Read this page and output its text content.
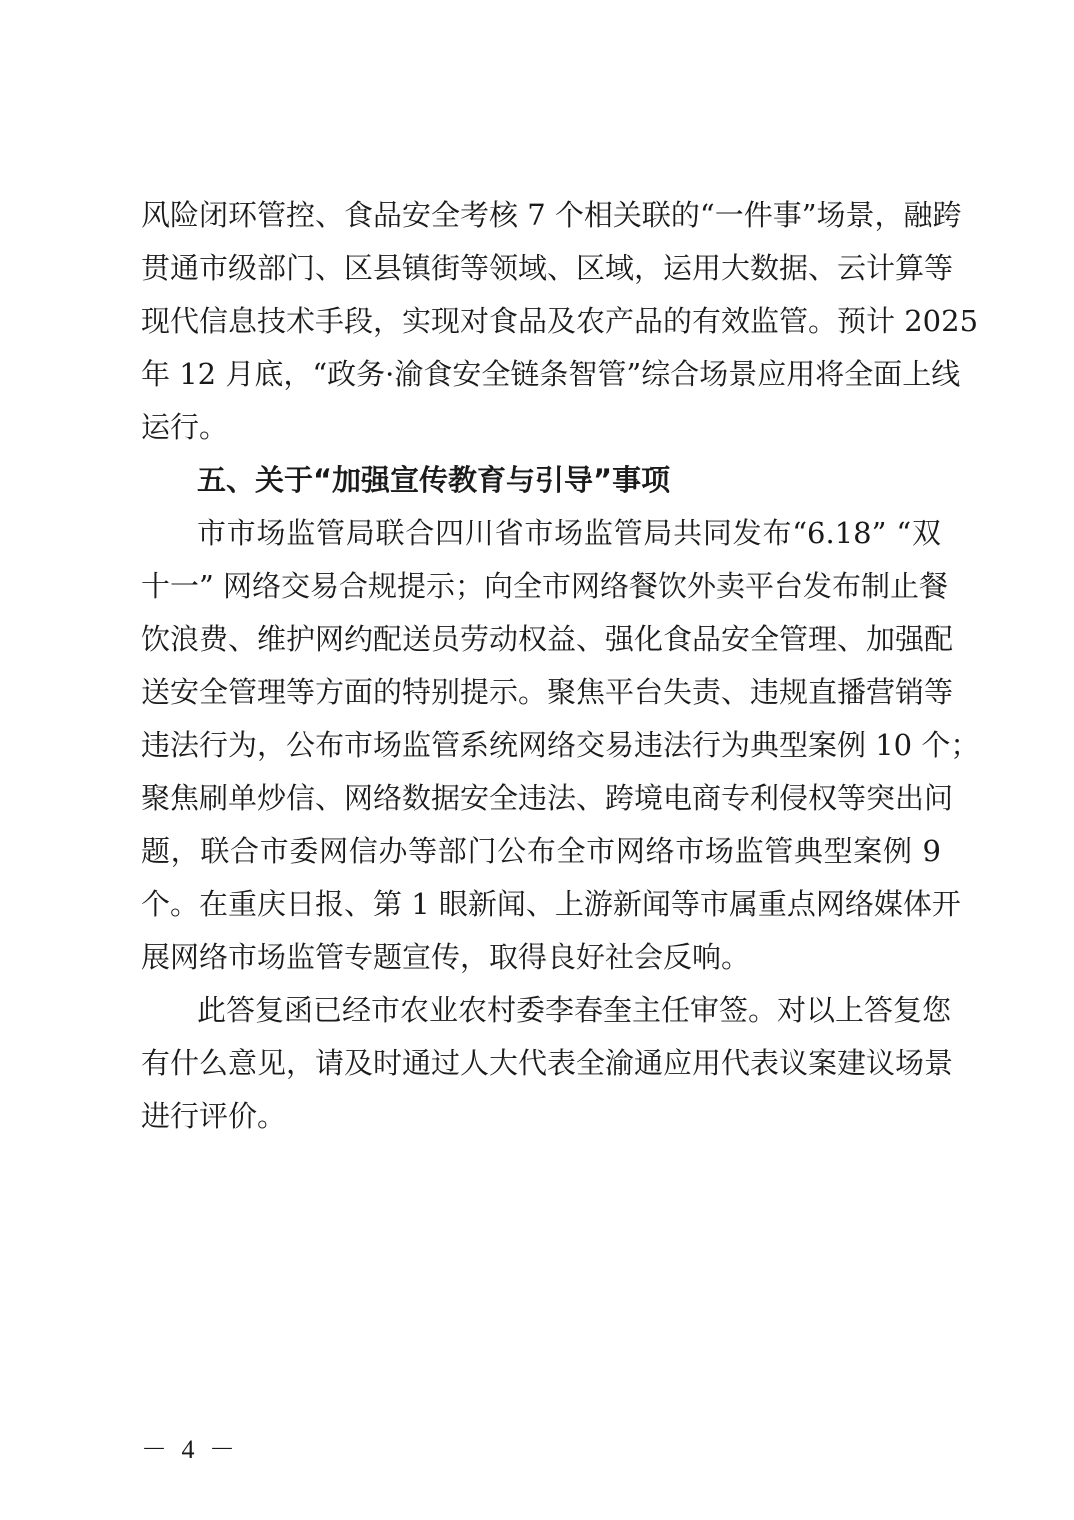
风险闭环管控、食品安全考核 7 个相关联的“一件事”场景，融跨
贯通市级部门、区县镇街等领域、区域，运用大数据、云计算等
现代信息技术手段，实现对食品及农产品的有效监管。预计 2025
年 12 月底，“政务·渝食安全链条智管”综合场景应用将全面上线
运行。
五、关于“加强宣传教育与引导”事项
市市场监管局联合四川省市场监管局共同发布“6.18” “双
十一” 网络交易合规提示；向全市网络餐饮外卖平台发布制止餐
饮浪费、维护网约配送员劳动权益、强化食品安全管理、加强配
送安全管理等方面的特别提示。聚焦平台失责、违规直播营销等
违法行为，公布市场监管系统网络交易违法行为典型案例 10 个；
聚焦刷单炒信、网络数据安全违法、跨境电商专利侵权等突出问
题，联合市委网信办等部门公布全市网络市场监管典型案例 9
个。在重庆日报、第 1 眼新闻、上游新闻等市属重点网络媒体开
展网络市场监管专题宣传，取得良好社会反响。
此答复函已经市农业农村委李春奎主任审签。对以上答复您
有什么意见，请及时通过人大代表全渝通应用代表议案建议场景
进行评价。
－ 4 －
